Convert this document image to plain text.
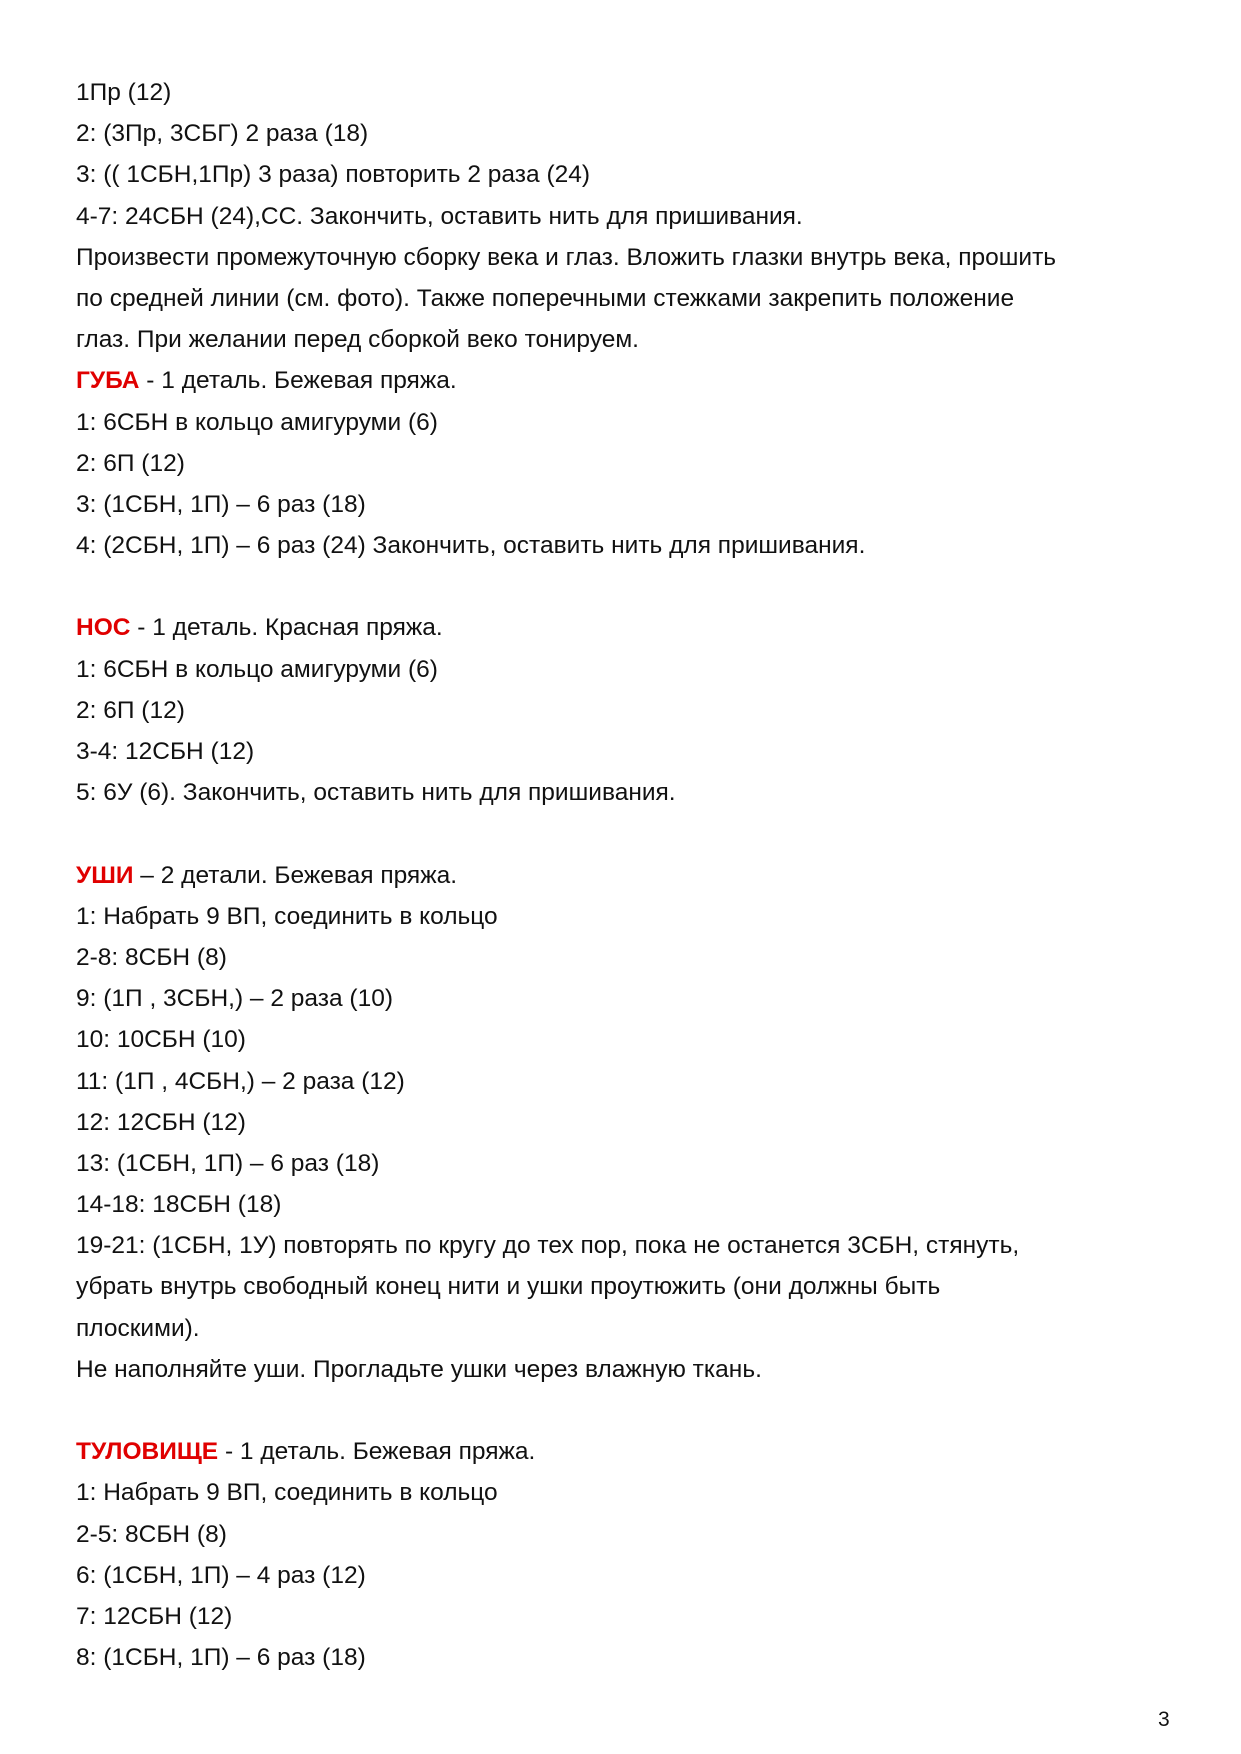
1Пр (12)

2: (3Пр, 3СБГ) 2 раза (18)

3: (( 1СБН,1Пр) 3 раза) повторить 2 раза (24)

4-7: 24СБН (24),СС. Закончить, оставить нить для пришивания.

Произвести промежуточную сборку века и глаз. Вложить глазки внутрь века, прошить

по средней линии (см. фото). Также поперечными стежками закрепить положение

глаз. При желании перед сборкой веко тонируем.

ГУБА - 1 деталь. Бежевая пряжа.

1: 6СБН в кольцо амигуруми (6)

2: 6П (12)

3: (1СБН, 1П) – 6 раз (18)

4: (2СБН, 1П) – 6 раз (24) Закончить, оставить нить для пришивания.

НОС - 1 деталь. Красная пряжа.

1: 6СБН в кольцо амигуруми (6)

2: 6П (12)

3-4: 12СБН (12)

5: 6У (6). Закончить, оставить нить для пришивания.

УШИ – 2 детали. Бежевая пряжа.

1: Набрать 9 ВП, соединить в кольцо

2-8: 8СБН (8)

9: (1П , 3СБН,) – 2 раза (10)

10: 10СБН (10)

11: (1П , 4СБН,) – 2 раза (12)

12: 12СБН (12)

13: (1СБН, 1П) – 6 раз (18)

14-18: 18СБН (18)

19-21: (1СБН, 1У) повторять по кругу до тех пор, пока не останется 3СБН, стянуть,

убрать внутрь свободный конец нити и ушки проутюжить (они должны быть

плоскими).

Не наполняйте уши. Прогладьте ушки через влажную ткань.

ТУЛОВИЩЕ - 1 деталь. Бежевая пряжа.

1: Набрать 9 ВП, соединить в кольцо

2-5: 8СБН (8)

6: (1СБН, 1П) – 4 раз (12)

7: 12СБН (12)

8: (1СБН, 1П) – 6 раз (18)

3
